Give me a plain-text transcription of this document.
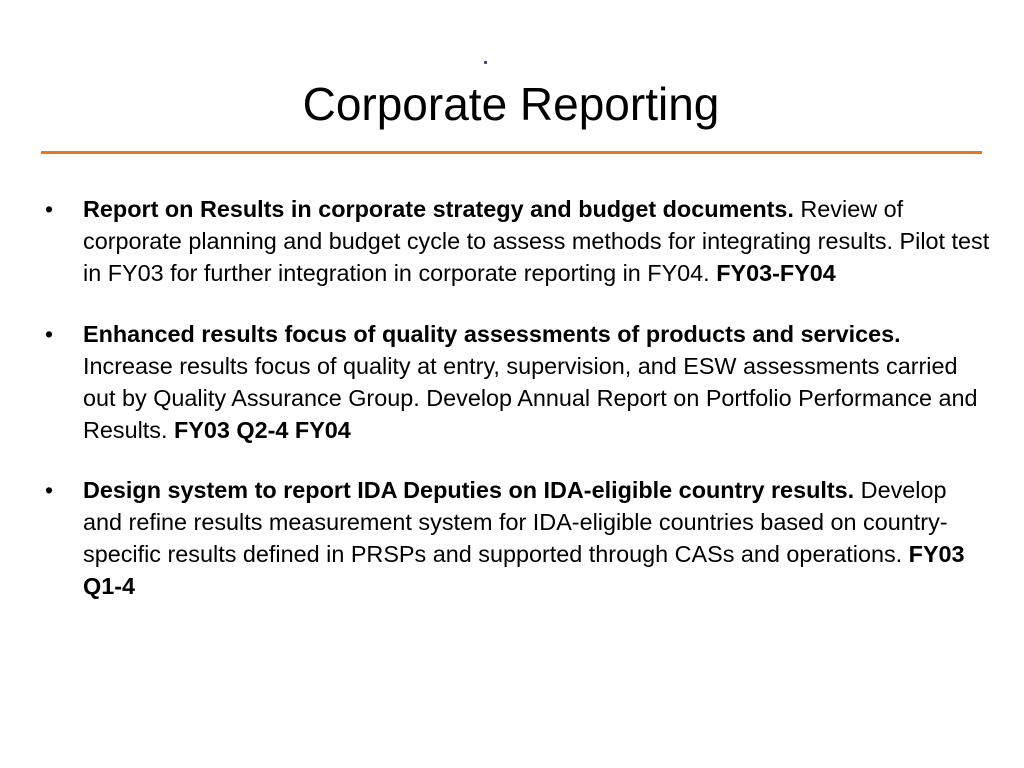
Corporate Reporting
• Report on Results in corporate strategy and budget documents. Review of corporate planning and budget cycle to assess methods for integrating results. Pilot test in FY03 for further integration in corporate reporting in FY04. FY03-FY04
• Enhanced results focus of quality assessments of products and services. Increase results focus of quality at entry, supervision, and ESW assessments carried out by Quality Assurance Group. Develop Annual Report on Portfolio Performance and Results. FY03 Q2-4 FY04
• Design system to report IDA Deputies on IDA-eligible country results. Develop and refine results measurement system for IDA-eligible countries based on country-specific results defined in PRSPs and supported through CASs and operations. FY03 Q1-4
